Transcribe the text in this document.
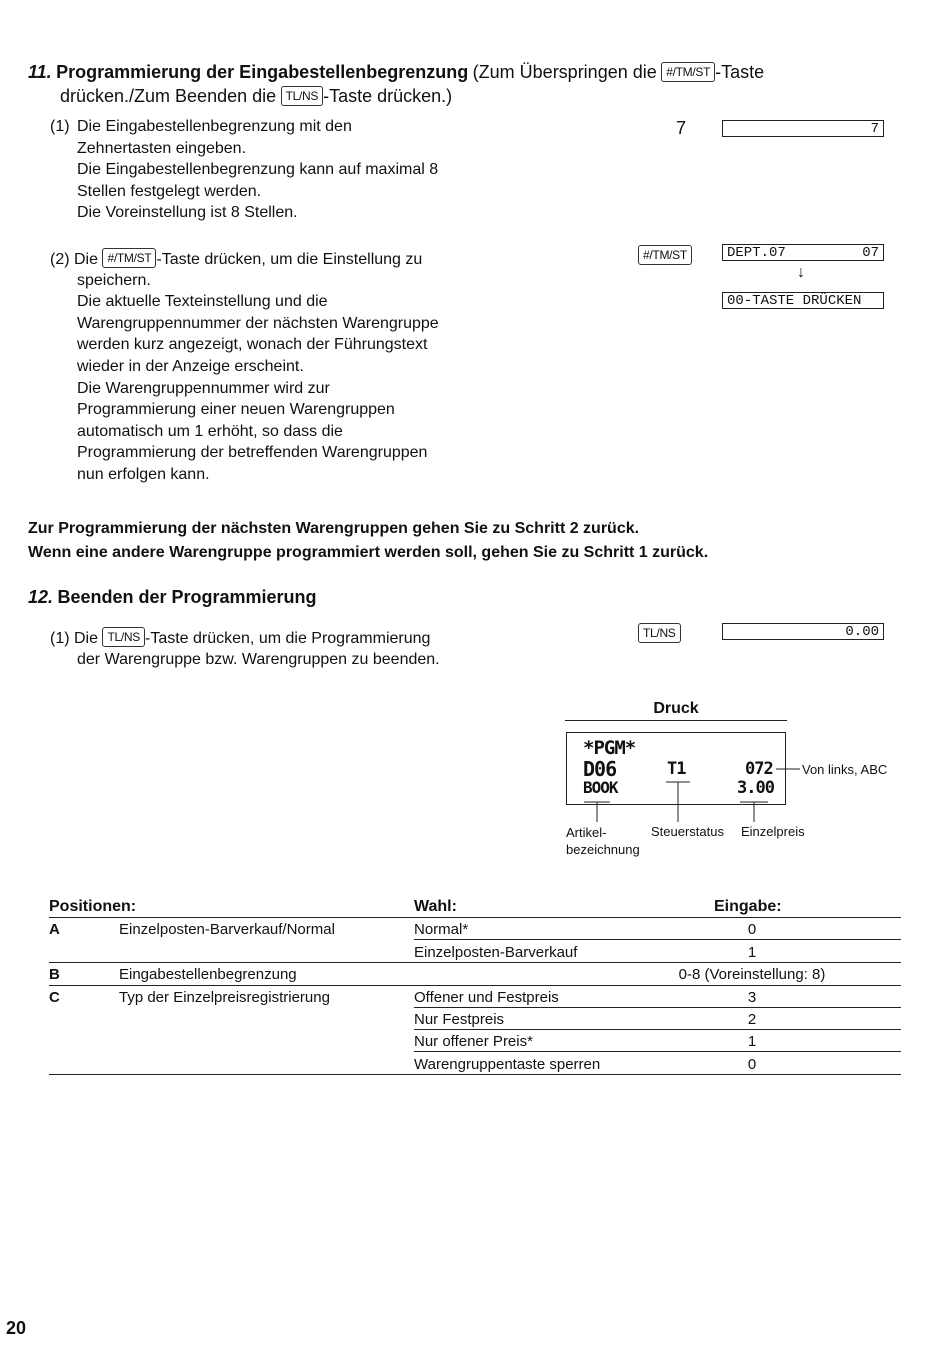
11. Programmierung der Eingabestellenbegrenzung (Zum Überspringen die #/TM/ST -Taste
drücken./Zum Beenden die TL/NS -Taste drücken.)
(1) Die Eingabestellenbegrenzung mit den
Zehnertasten eingeben.
Die Eingabestellenbegrenzung kann auf maximal 8
Stellen festgelegt werden.
Die Voreinstellung ist 8 Stellen.
7	7
(2) Die #/TM/ST -Taste drücken, um die Einstellung zu
speichern.
Die aktuelle Texteinstellung und die
Warengruppennummer der nächsten Warengruppe
werden kurz angezeigt, wonach der Führungstext
wieder in der Anzeige erscheint.
Die Warengruppennummer wird zur
Programmierung einer neuen Warengruppen
automatisch um 1 erhöht, so dass die
Programmierung der betreffenden Warengruppen
nun erfolgen kann.
#/TM/ST	DEPT.07	07
↓
00-TASTE DRÜCKEN
Zur Programmierung der nächsten Warengruppen gehen Sie zu Schritt 2 zurück.
Wenn eine andere Warengruppe programmiert werden soll, gehen Sie zu Schritt 1 zurück.
12. Beenden der Programmierung
(1) Die TL/NS -Taste drücken, um die Programmierung
der Warengruppe bzw. Warengruppen zu beenden.
TL/NS	0.00
Druck
*PGM*
D06	T1	072
BOOK	3.00
Von links, ABC
Artikel-
bezeichnung
Steuerstatus Einzelpreis
Positionen:	Wahl:	Eingabe:
A	Einzelposten-Barverkauf/Normal	Normal*	0
Einzelposten-Barverkauf	1
B	Eingabestellenbegrenzung	0-8 (Voreinstellung: 8)
C	Typ der Einzelpreisregistrierung	Offener und Festpreis	3
Nur Festpreis	2
Nur offener Preis*	1
Warengruppentaste sperren	0
20
